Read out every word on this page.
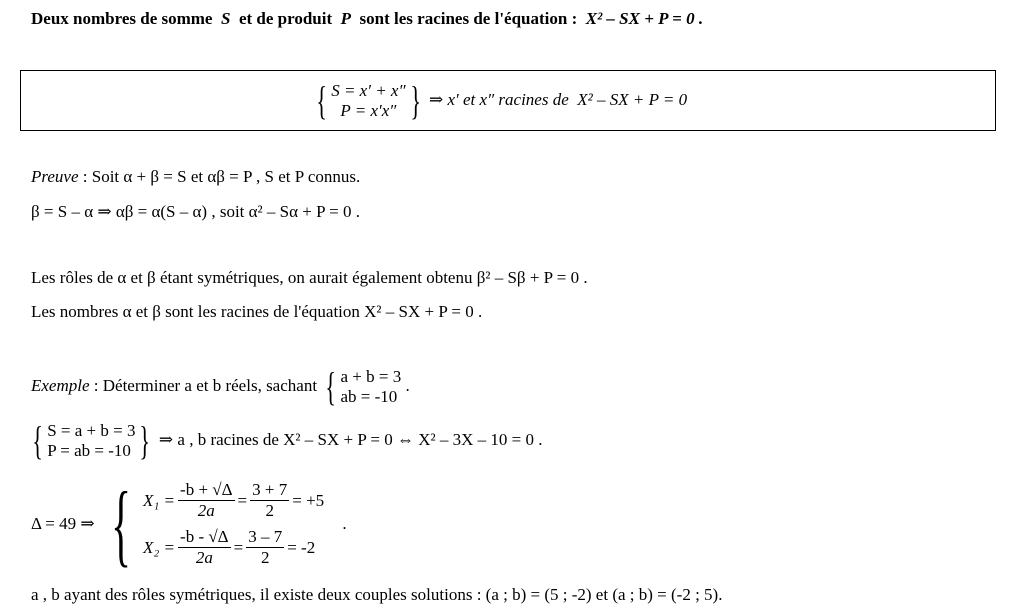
Deux nombres de somme S et de produit P sont les racines de l'équation : X² – SX + P = 0 .
{ S = x′ + x″
P = x′x″ } ⇒ x′ et x″ racines de X² – SX + P = 0
Preuve : Soit α + β = S et αβ = P , S et P connus.
β = S – α ⇒ αβ = α(S – α) , soit α² – Sα + P = 0 .
Les rôles de α et β étant symétriques, on aurait également obtenu β² – Sβ + P = 0 .
Les nombres α et β sont les racines de l'équation X² – SX + P = 0 .
Exemple : Déterminer a et b réels, sachant { a + b = 3
ab = -10
.
{ S = a + b = 3
P = ab = -10 } ⇒ a , b racines de X² – SX + P = 0 ⇔ X² – 3X – 10 = 0 .
Δ = 49 ⇒ { $X_1 = \frac{-b + √\Delta}{2a} = \frac{3 + 7}{2} = +5$
$X_2 = \frac{-b - √\Delta}{2a} = \frac{3 - 7}{2} = -2$
.
a , b ayant des rôles symétriques, il existe deux couples solutions : (a ; b) = (5 ; -2) et (a ; b) = (-2 ; 5).
